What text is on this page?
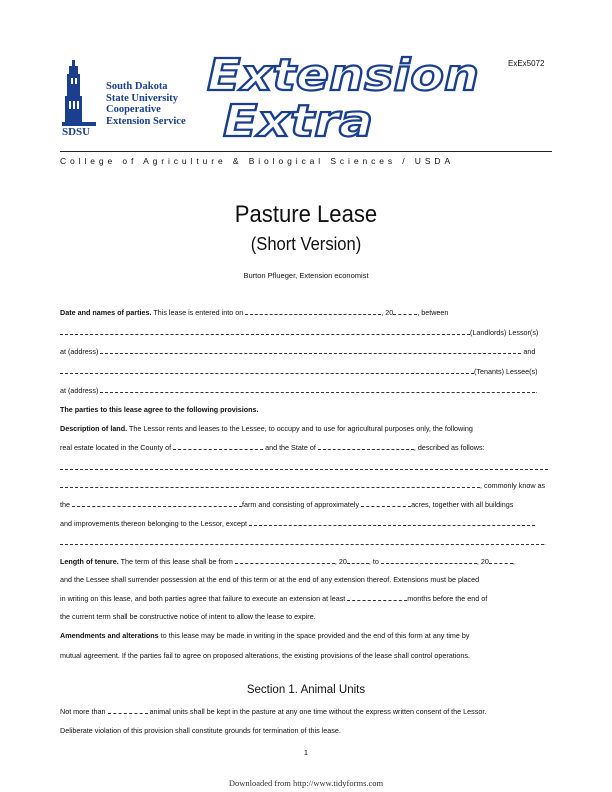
ExEx5072
SDSU
South Dakota
State University
Cooperative
Extension Service
Extension
Extra
College of Agriculture & Biological Sciences / USDA
Pasture Lease
(Short Version)
Burton Pflueger, Extension economist
Date and names of parties. This lease is entered into on	, 20	, between
(Landlords) Lessor(s)
at (address)	and
(Tenants) Lessee(s)
at (address)	.
The parties to this lease agree to the following provisions.
Description of land. The Lessor rents and leases to the Lessee, to occupy and to use for agricultural purposes only, the following
real estate located in the County of	and the State of	, described as follows:
, commonly know as
the	farm and consisting of approximately	acres, together with all buildings
and improvements thereon belonging to the Lessor, except
.
Length of tenure. The term of this lease shall be from	, 20	, to	, 20	,
and the Lessee shall surrender possession at the end of this term or at the end of any extension thereof. Extensions must be placed
in writing on this lease, and both parties agree that failure to execute an extension at least	months before the end of
the current term shall be constructive notice of intent to allow the lease to expire.
Amendments and alterations to this lease may be made in writing in the space provided and the end of this form at any time by
mutual agreement. If the parties fail to agree on proposed alterations, the existing provisions of the lease shall control operations.
Section 1. Animal Units
Not more than	animal units shall be kept in the pasture at any one time without the express written consent of the Lessor.
Deliberate violation of this provision shall constitute grounds for termination of this lease.
1
Downloaded from http://www.tidyforms.com
